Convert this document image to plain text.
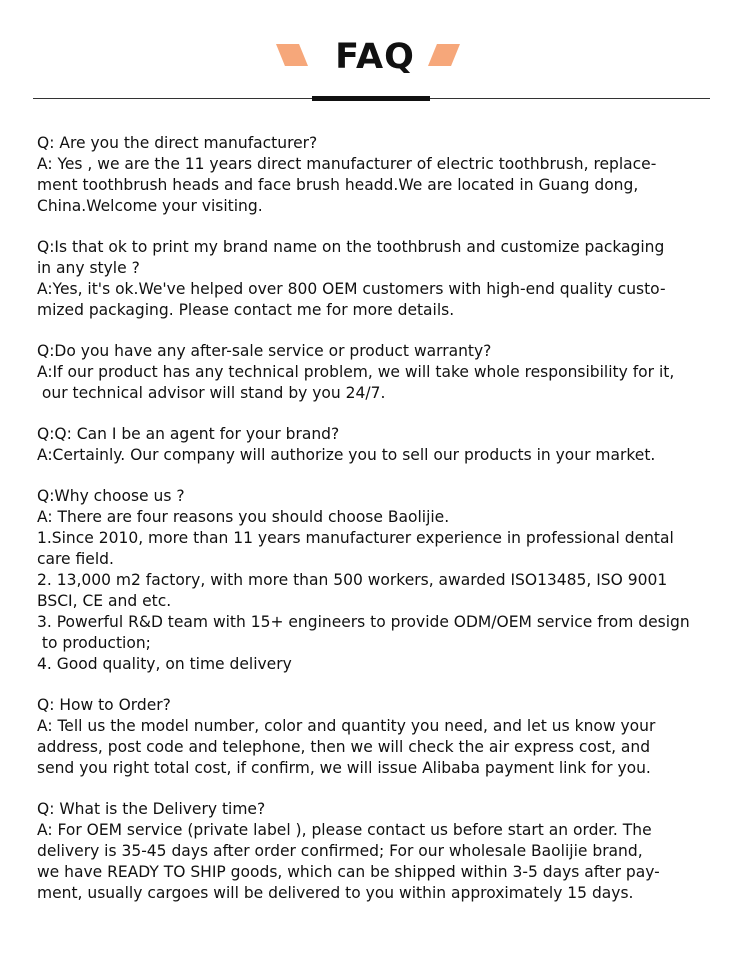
FAQ
Q: Are you the direct manufacturer?
A: Yes , we are the 11 years direct manufacturer of electric toothbrush, replace-
ment toothbrush heads and face brush headd.We are located in Guang dong,
China.Welcome your visiting.
Q:Is that ok to print my brand name on the toothbrush and customize packaging
in any style ?
A:Yes, it's ok.We've helped over 800 OEM customers with high-end quality custo-
mized packaging. Please contact me for more details.
Q:Do you have any after-sale service or product warranty?
A:If our product has any technical problem, we will take whole responsibility for it,
our technical advisor will stand by you 24/7.
Q:Q: Can I be an agent for your brand?
A:Certainly. Our company will authorize you to sell our products in your market.
Q:Why choose us ?
A: There are four reasons you should choose Baolijie.
1.Since 2010, more than 11 years manufacturer experience in professional dental
care field.
2. 13,000 m2 factory, with more than 500 workers, awarded ISO13485, ISO 9001
BSCI, CE and etc.
3. Powerful R&D team with 15+ engineers to provide ODM/OEM service from design
to production;
4. Good quality, on time delivery
Q: How to Order?
A: Tell us the model number, color and quantity you need, and let us know your
address, post code and telephone, then we will check the air express cost, and
send you right total cost, if confirm, we will issue Alibaba payment link for you.
Q: What is the Delivery time?
A: For OEM service (private label ), please contact us before start an order. The
delivery is 35-45 days after order confirmed; For our wholesale Baolijie brand,
we have READY TO SHIP goods, which can be shipped within 3-5 days after pay-
ment, usually cargoes will be delivered to you within approximately 15 days.
